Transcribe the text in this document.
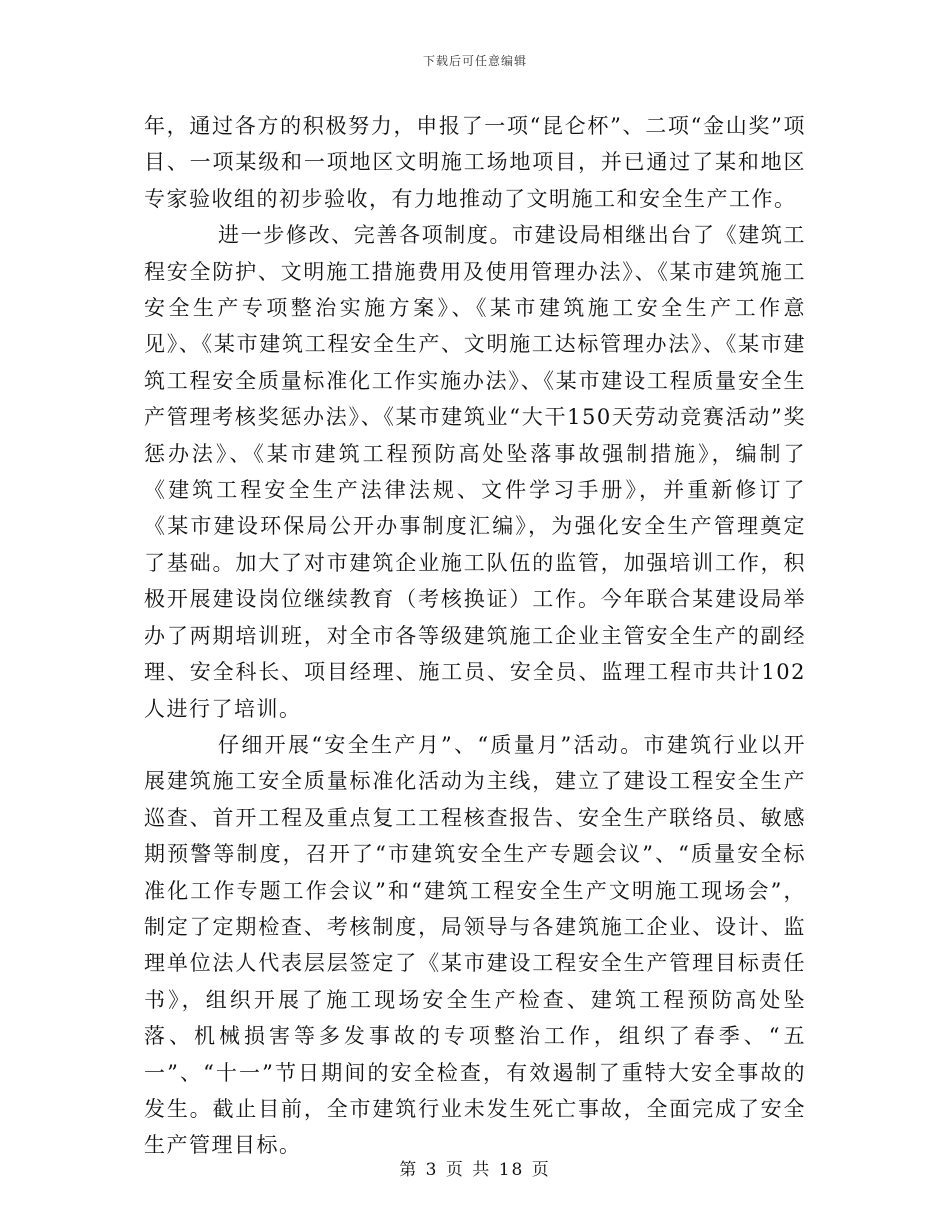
下载后可任意编辑

年，通过各方的积极努力，申报了一项“昆仑杯”、二项“金山奖”项目、一项某级和一项地区文明施工场地项目，并已通过了某和地区专家验收组的初步验收，有力地推动了文明施工和安全生产工作。

进一步修改、完善各项制度。市建设局相继出台了《建筑工程安全防护、文明施工措施费用及使用管理办法》、《某市建筑施工安全生产专项整治实施方案》、《某市建筑施工安全生产工作意见》、《某市建筑工程安全生产、文明施工达标管理办法》、《某市建筑工程安全质量标准化工作实施办法》、《某市建设工程质量安全生产管理考核奖惩办法》、《某市建筑业“大干150天劳动竞赛活动”奖惩办法》、《某市建筑工程预防高处坠落事故强制措施》，编制了《建筑工程安全生产法律法规、文件学习手册》，并重新修订了《某市建设环保局公开办事制度汇编》，为强化安全生产管理奠定了基础。加大了对市建筑企业施工队伍的监管，加强培训工作，积极开展建设岗位继续教育（考核换证）工作。今年联合某建设局举办了两期培训班，对全市各等级建筑施工企业主管安全生产的副经理、安全科长、项目经理、施工员、安全员、监理工程市共计102人进行了培训。

仔细开展“安全生产月”、“质量月”活动。市建筑行业以开展建筑施工安全质量标准化活动为主线，建立了建设工程安全生产巡查、首开工程及重点复工工程核查报告、安全生产联络员、敏感期预警等制度，召开了“市建筑安全生产专题会议”、“质量安全标准化工作专题工作会议”和“建筑工程安全生产文明施工现场会”，制定了定期检查、考核制度，局领导与各建筑施工企业、设计、监理单位法人代表层层签定了《某市建设工程安全生产管理目标责任书》，组织开展了施工现场安全生产检查、建筑工程预防高处坠落、机械损害等多发事故的专项整治工作，组织了春季、“五一”、“十一”节日期间的安全检查，有效遏制了重特大安全事故的发生。截止目前，全市建筑行业未发生死亡事故，全面完成了安全生产管理目标。

第 3 页 共 18 页
